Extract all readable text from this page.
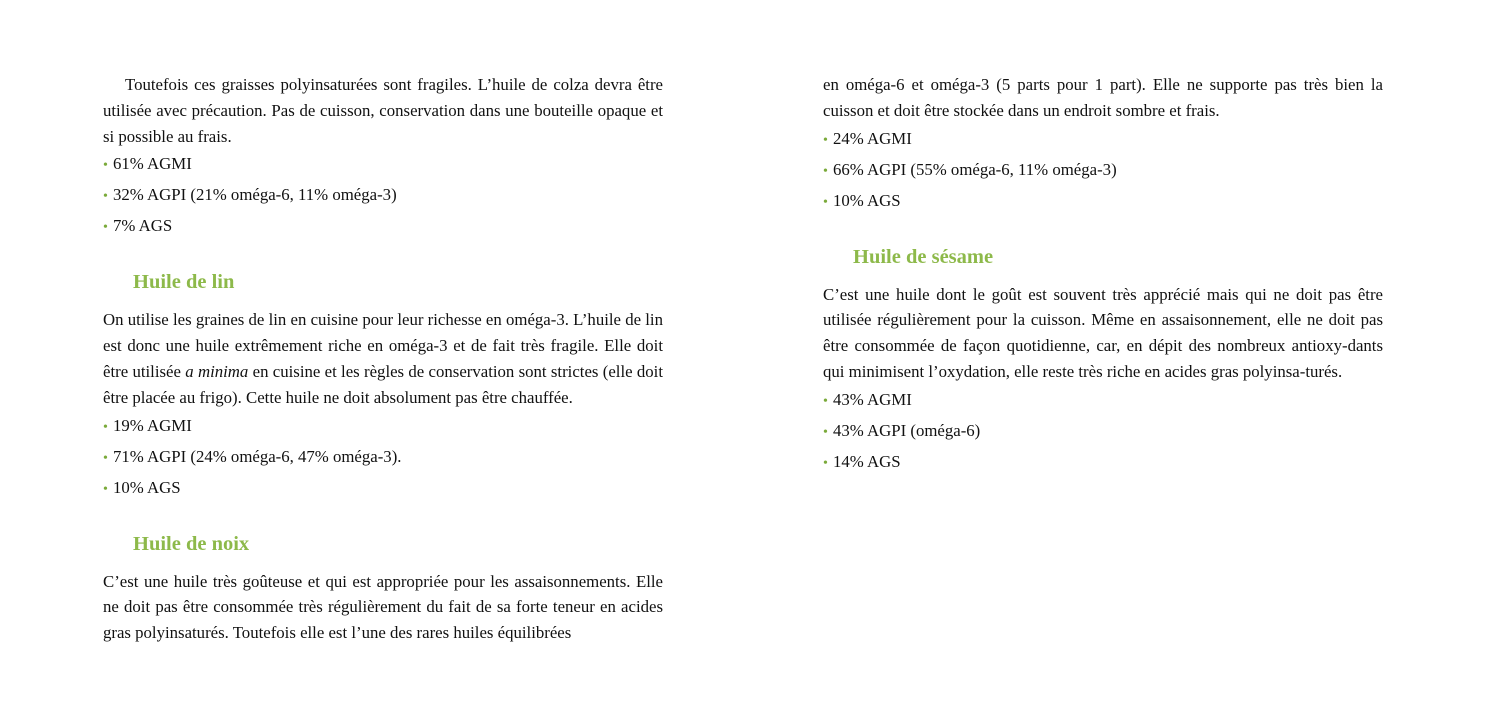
Toutefois ces graisses polyinsaturées sont fragiles. L’huile de colza devra être utilisée avec précaution. Pas de cuisson, conservation dans une bouteille opaque et si possible au frais.

• 61% AGMI
• 32% AGPI (21% oméga-6, 11% oméga-3)
• 7% AGS
Huile de lin

On utilise les graines de lin en cuisine pour leur richesse en oméga-3. L’huile de lin est donc une huile extrêmement riche en oméga-3 et de fait très fragile. Elle doit être utilisée a minima en cuisine et les règles de conservation sont strictes (elle doit être placée au frigo). Cette huile ne doit absolument pas être chauffée.

• 19% AGMI
• 71% AGPI (24% oméga-6, 47% oméga-3).
• 10% AGS
Huile de noix

C’est une huile très goûteuse et qui est appropriée pour les assaisonnements. Elle ne doit pas être consommée très régulièrement du fait de sa forte teneur en acides gras polyinsaturés. Toutefois elle est l’une des rares huiles équilibrées

en oméga-6 et oméga-3 (5 parts pour 1 part). Elle ne supporte pas très bien la cuisson et doit être stockée dans un endroit sombre et frais.

• 24% AGMI
• 66% AGPI (55% oméga-6, 11% oméga-3)
• 10% AGS
Huile de sésame

C’est une huile dont le goût est souvent très apprécié mais qui ne doit pas être utilisée régulièrement pour la cuisson. Même en assaisonnement, elle ne doit pas être consommée de façon quotidienne, car, en dépit des nombreux antioxy-dants qui minimisent l’oxydation, elle reste très riche en acides gras polyinsa-turés.

• 43% AGMI
• 43% AGPI (oméga-6)
• 14% AGS
